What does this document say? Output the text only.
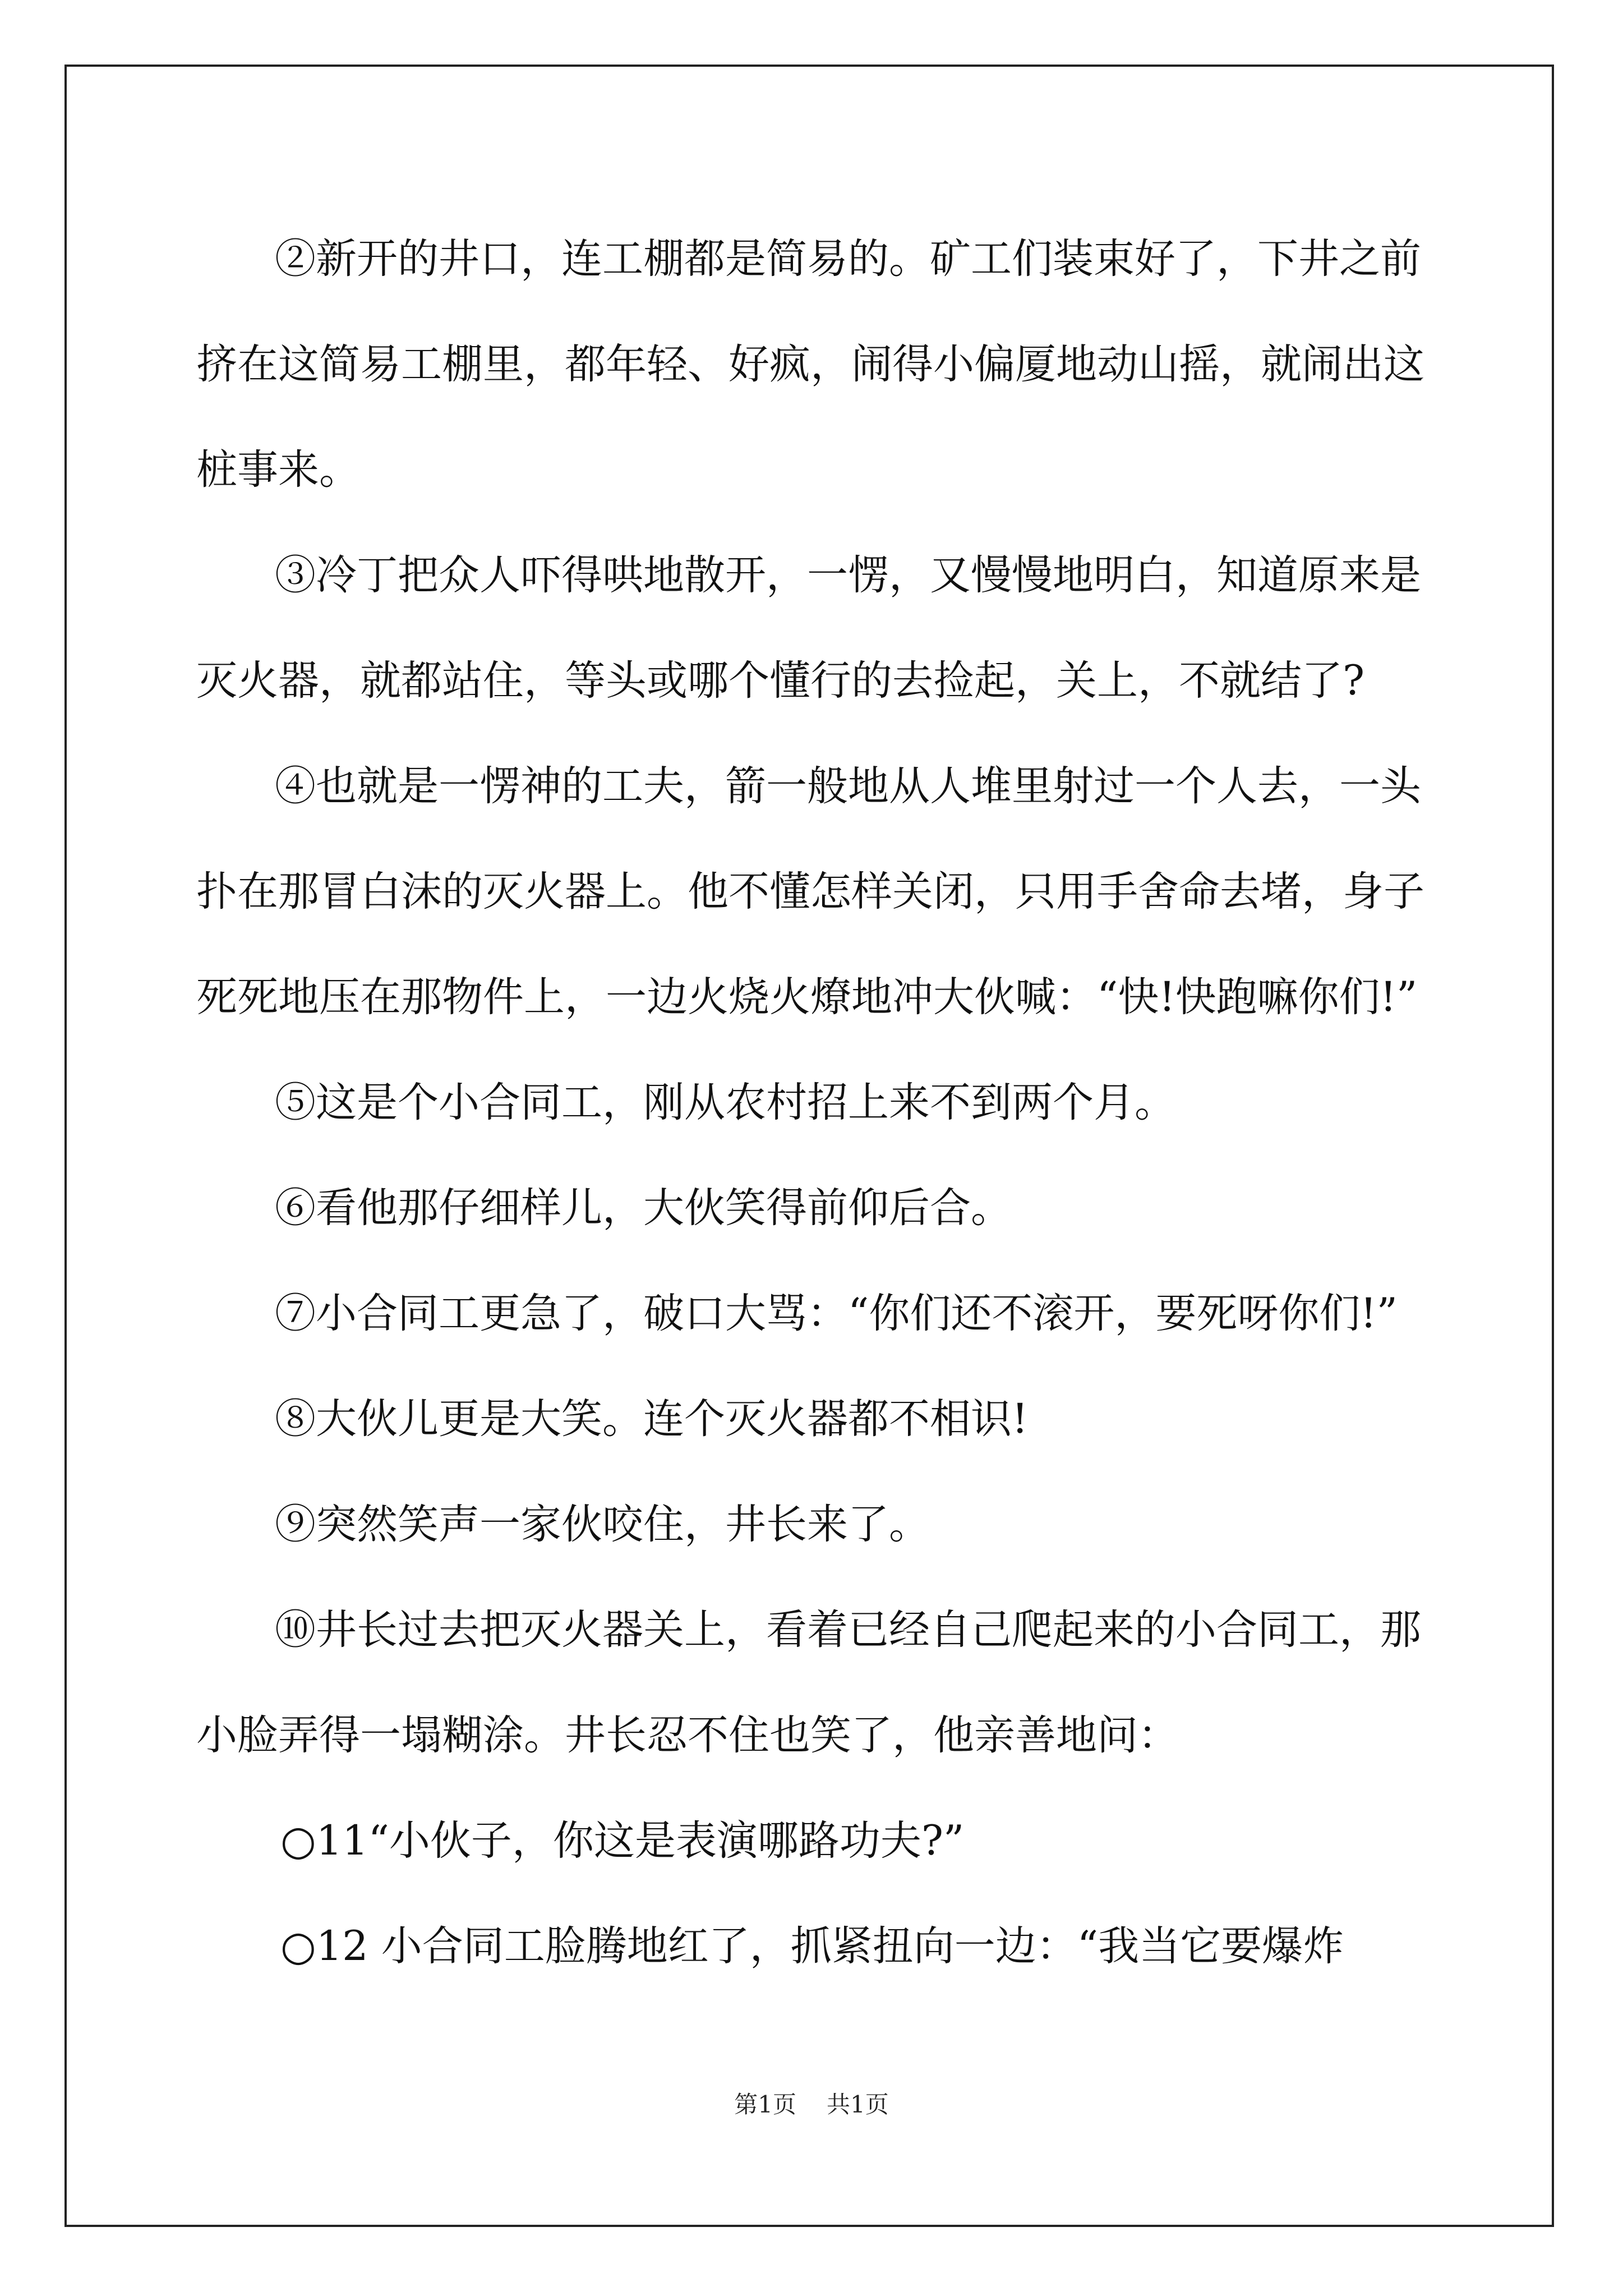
②新开的井口，连工棚都是简易的。矿工们装束好了，下井之前
挤在这简易工棚里，都年轻、好疯，闹得小偏厦地动山摇，就闹出这
桩事来。
③冷丁把众人吓得哄地散开，一愣，又慢慢地明白，知道原来是
灭火器，就都站住，等头或哪个懂行的去捡起，关上，不就结了?
④也就是一愣神的工夫，箭一般地从人堆里射过一个人去，一头
扑在那冒白沫的灭火器上。他不懂怎样关闭，只用手舍命去堵，身子
死死地压在那物件上，一边火烧火燎地冲大伙喊：“快!快跑嘛你们!”
⑤这是个小合同工，刚从农村招上来不到两个月。
⑥看他那仔细样儿，大伙笑得前仰后合。
⑦小合同工更急了，破口大骂：“你们还不滚开，要死呀你们!”
⑧大伙儿更是大笑。连个灭火器都不相识!
⑨突然笑声一家伙咬住，井长来了。
⑩井长过去把灭火器关上，看着已经自己爬起来的小合同工，那
小脸弄得一塌糊涂。井长忍不住也笑了，他亲善地问：
○11“小伙子，你这是表演哪路功夫?”
○12 小合同工脸腾地红了，抓紧扭向一边：“我当它要爆炸
第1页 共1页
